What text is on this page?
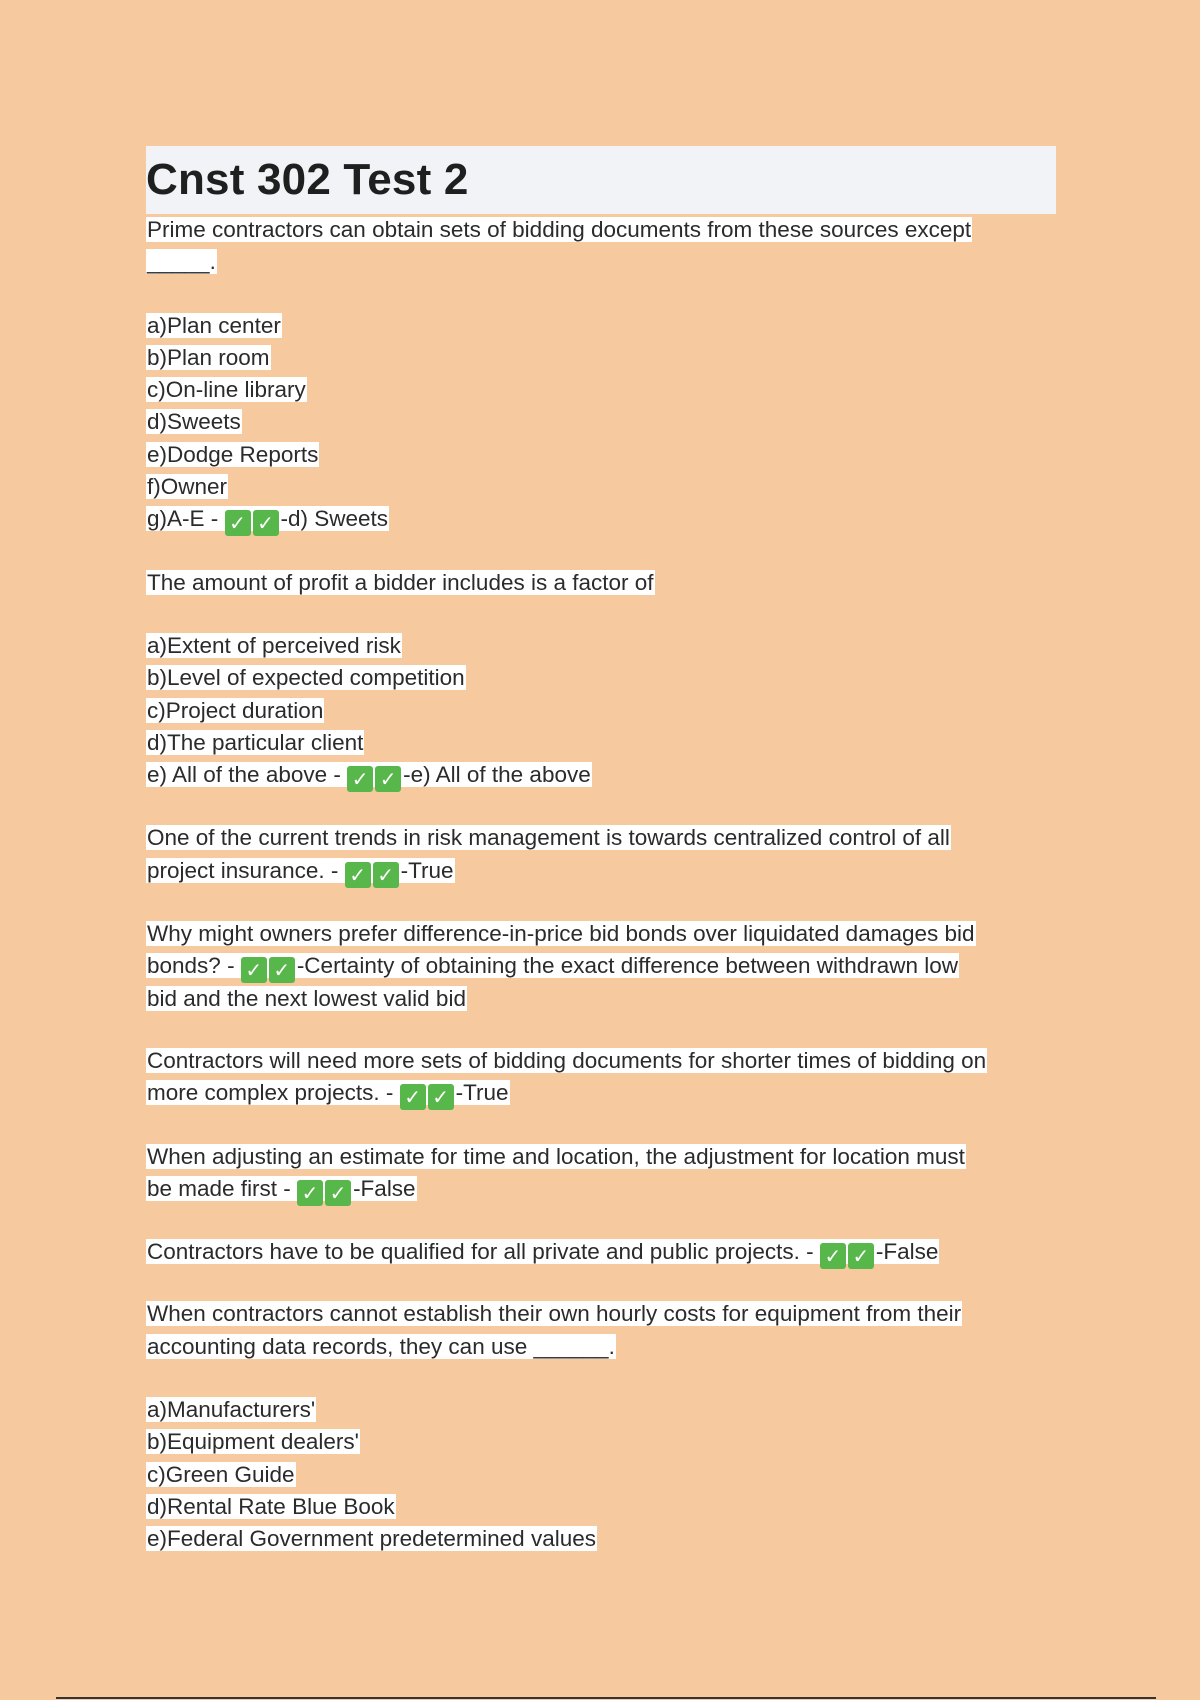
Cnst 302 Test 2
Prime contractors can obtain sets of bidding documents from these sources except
_____.
a)Plan center
b)Plan room
c)On-line library
d)Sweets
e)Dodge Reports
f)Owner
g)A-E - ✓ ✓ -d) Sweets
The amount of profit a bidder includes is a factor of
a)Extent of perceived risk
b)Level of expected competition
c)Project duration
d)The particular client
e) All of the above - ✓ ✓ -e) All of the above
One of the current trends in risk management is towards centralized control of all
project insurance. - ✓ ✓ -True
Why might owners prefer difference-in-price bid bonds over liquidated damages bid
bonds? - ✓ ✓ -Certainty of obtaining the exact difference between withdrawn low
bid and the next lowest valid bid
Contractors will need more sets of bidding documents for shorter times of bidding on
more complex projects. - ✓ ✓ -True
When adjusting an estimate for time and location, the adjustment for location must
be made first - ✓ ✓ -False
Contractors have to be qualified for all private and public projects. - ✓ ✓ -False
When contractors cannot establish their own hourly costs for equipment from their
accounting data records, they can use ______.
a)Manufacturers'
b)Equipment dealers'
c)Green Guide
d)Rental Rate Blue Book
e)Federal Government predetermined values
